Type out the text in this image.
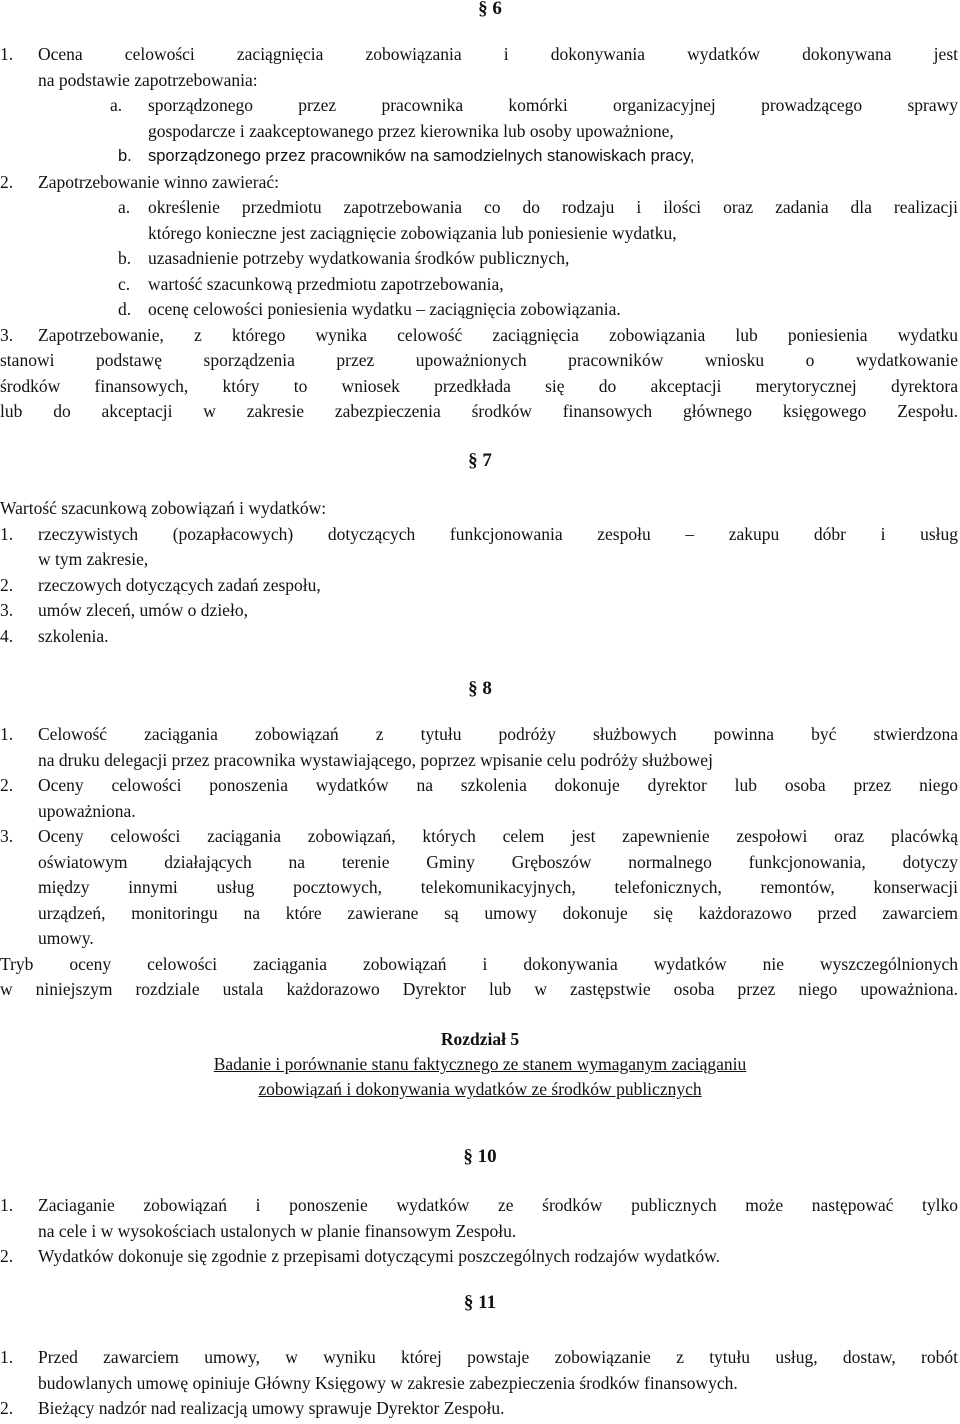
§ 6
1. Ocena celowości zaciągnięcia zobowiązania i dokonywania wydatków dokonywana jest
na podstawie zapotrzebowania:
a. sporządzonego przez pracownika komórki organizacyjnej prowadzącego sprawy
gospodarcze i zaakceptowanego przez kierownika lub osoby upoważnione,
b. sporządzonego przez pracowników na samodzielnych stanowiskach pracy,
2. Zapotrzebowanie winno zawierać:
a. określenie przedmiotu zapotrzebowania co do rodzaju i ilości oraz zadania dla realizacji
którego konieczne jest zaciągnięcie zobowiązania lub poniesienie wydatku,
b. uzasadnienie potrzeby wydatkowania środków publicznych,
c. wartość szacunkową przedmiotu zapotrzebowania,
d. ocenę celowości poniesienia wydatku – zaciągnięcia zobowiązania.
3. Zapotrzebowanie, z którego wynika celowość zaciągnięcia zobowiązania lub poniesienia wydatku
stanowi podstawę sporządzenia przez upoważnionych pracowników wniosku o wydatkowanie
środków finansowych, który to wniosek przedkłada się do akceptacji merytorycznej dyrektora
lub do akceptacji w zakresie zabezpieczenia środków finansowych głównego księgowego Zespołu.
§ 7
Wartość szacunkową zobowiązań i wydatków:
1. rzeczywistych (pozapłacowych) dotyczących funkcjonowania zespołu – zakupu dóbr i usług
w tym zakresie,
2. rzeczowych dotyczących zadań zespołu,
3. umów zleceń, umów o dzieło,
4. szkolenia.
§ 8
1. Celowość zaciągania zobowiązań z tytułu podróży służbowych powinna być stwierdzona
na druku delegacji przez pracownika wystawiającego, poprzez wpisanie celu podróży służbowej
2. Oceny celowości ponoszenia wydatków na szkolenia dokonuje dyrektor lub osoba przez niego
upoważniona.
3. Oceny celowości zaciągania zobowiązań, których celem jest zapewnienie zespołowi oraz placówką
oświatowym działających na terenie Gminy Gręboszów normalnego funkcjonowania, dotyczy
między innymi usług pocztowych, telekomunikacyjnych, telefonicznych, remontów, konserwacji
urządzeń, monitoringu na które zawierane są umowy dokonuje się każdorazowo przed zawarciem
umowy.
Tryb oceny celowości zaciągania zobowiązań i dokonywania wydatków nie wyszczególnionych
w niniejszym rozdziale ustala każdorazowo Dyrektor lub w zastępstwie osoba przez niego upoważniona.
Rozdział 5
Badanie i porównanie stanu faktycznego ze stanem wymaganym zaciąganiu
zobowiązań i dokonywania wydatków ze środków publicznych
§ 10
1. Zaciaganie zobowiązań i ponoszenie wydatków ze środków publicznych może następować tylko
na cele i w wysokościach ustalonych w planie finansowym Zespołu.
2. Wydatków dokonuje się zgodnie z przepisami dotyczącymi poszczególnych rodzajów wydatków.
§ 11
1. Przed zawarciem umowy, w wyniku której powstaje zobowiązanie z tytułu usług, dostaw, robót
budowlanych umowę opiniuje Główny Księgowy w zakresie zabezpieczenia środków finansowych.
2. Bieżący nadzór nad realizacją umowy sprawuje Dyrektor Zespołu.
